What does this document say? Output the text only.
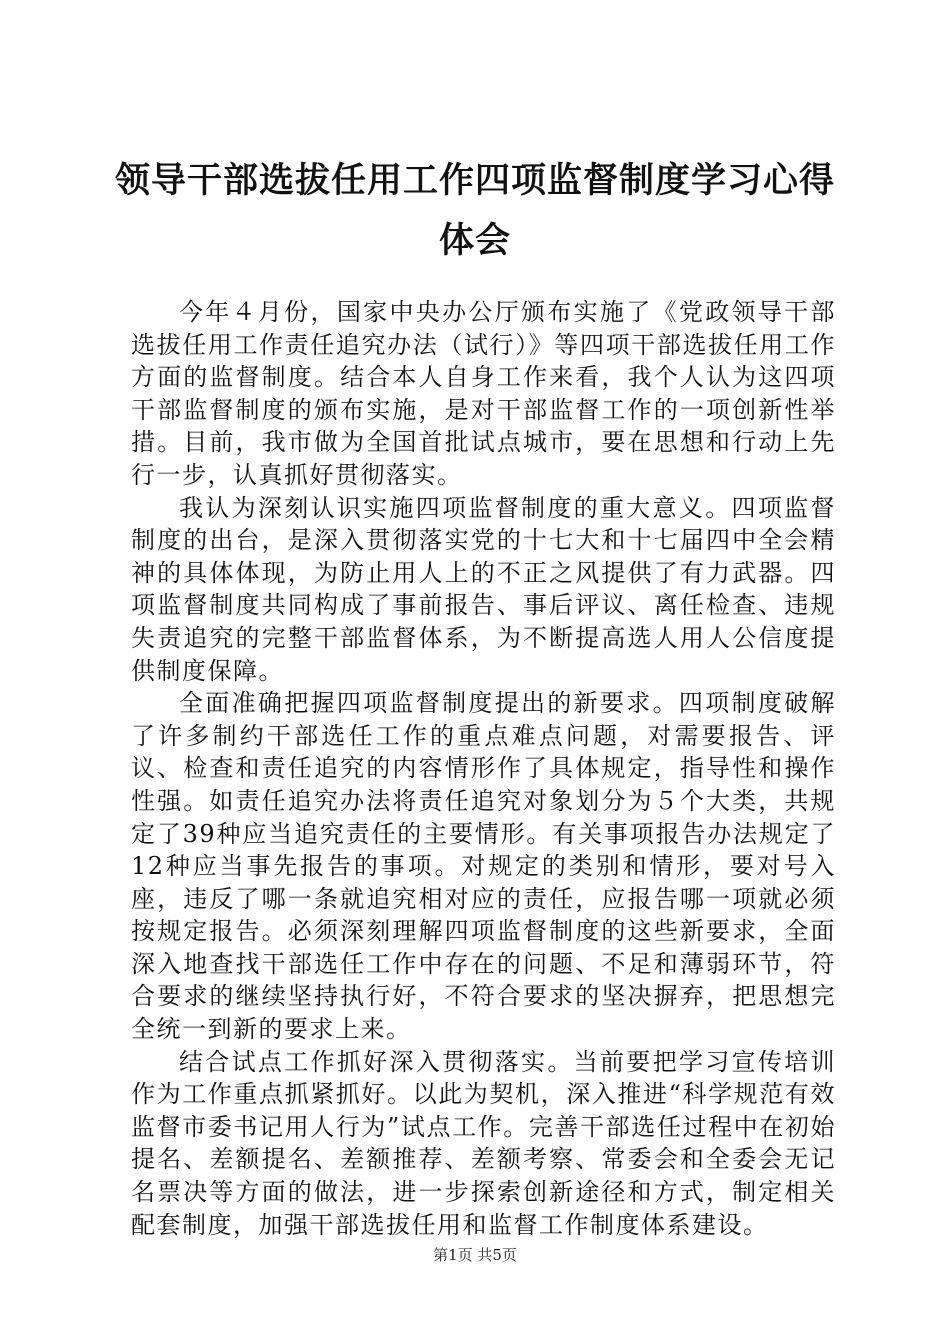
领导干部选拔任用工作四项监督制度学习心得
体会

今年４月份，国家中央办公厅颁布实施了《党政领导干部选拔任用工作责任追究办法（试行）》等四项干部选拔任用工作方面的监督制度。结合本人自身工作来看，我个人认为这四项干部监督制度的颁布实施，是对干部监督工作的一项创新性举措。目前，我市做为全国首批试点城市，要在思想和行动上先行一步，认真抓好贯彻落实。

我认为深刻认识实施四项监督制度的重大意义。四项监督制度的出台，是深入贯彻落实党的十七大和十七届四中全会精神的具体体现，为防止用人上的不正之风提供了有力武器。四项监督制度共同构成了事前报告、事后评议、离任检查、违规失责追究的完整干部监督体系，为不断提高选人用人公信度提供制度保障。

全面准确把握四项监督制度提出的新要求。四项制度破解了许多制约干部选任工作的重点难点问题，对需要报告、评议、检查和责任追究的内容情形作了具体规定，指导性和操作性强。如责任追究办法将责任追究对象划分为５个大类，共规定了39种应当追究责任的主要情形。有关事项报告办法规定了12种应当事先报告的事项。对规定的类别和情形，要对号入座，违反了哪一条就追究相对应的责任，应报告哪一项就必须按规定报告。必须深刻理解四项监督制度的这些新要求，全面深入地查找干部选任工作中存在的问题、不足和薄弱环节，符合要求的继续坚持执行好，不符合要求的坚决摒弃，把思想完全统一到新的要求上来。

结合试点工作抓好深入贯彻落实。当前要把学习宣传培训作为工作重点抓紧抓好。以此为契机，深入推进“科学规范有效监督市委书记用人行为”试点工作。完善干部选任过程中在初始提名、差额提名、差额推荐、差额考察、常委会和全委会无记名票决等方面的做法，进一步探索创新途径和方式，制定相关配套制度，加强干部选拔任用和监督工作制度体系建设。

第1页 共5页
